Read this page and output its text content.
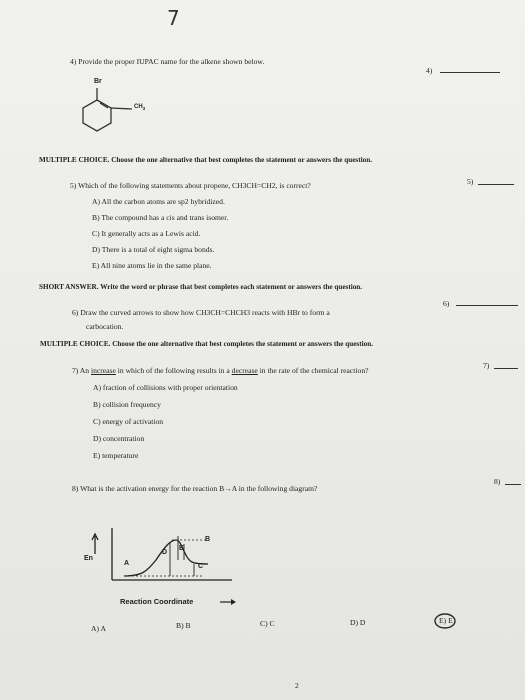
7
4) Provide the proper IUPAC name for the alkene shown below.
4)
Br
$CH_3$
MULTIPLE CHOICE. Choose the one alternative that best completes the statement or answers the question.
5) Which of the following statements about propene, CH3CH=CH2, is correct?	5)
A) All the carbon atoms are sp2 hybridized.
B) The compound has a cis and trans isomer.
C) It generally acts as a Lewis acid.
D) There is a total of eight sigma bonds.
E) All nine atoms lie in the same plane.
SHORT ANSWER. Write the word or phrase that best completes each statement or answers the question.
6) Draw the curved arrows to show how CH3CH=CHCH3 reacts with HBr to form a
carbocation.
6)
MULTIPLE CHOICE. Choose the one alternative that best completes the statement or answers the question.
7) An increase in which of the following results in a decrease in the rate of the chemical reaction?
7)
A) fraction of collisions with proper orientation
B) collision frequency
C) energy of activation
D) concentration
E) temperature
8) What is the activation energy for the reaction B→A in the following diagram?
8)
En
A
B
C
D
E
Reaction Coordinate
A) A	B) B	C) C	D) D	E) E
2
